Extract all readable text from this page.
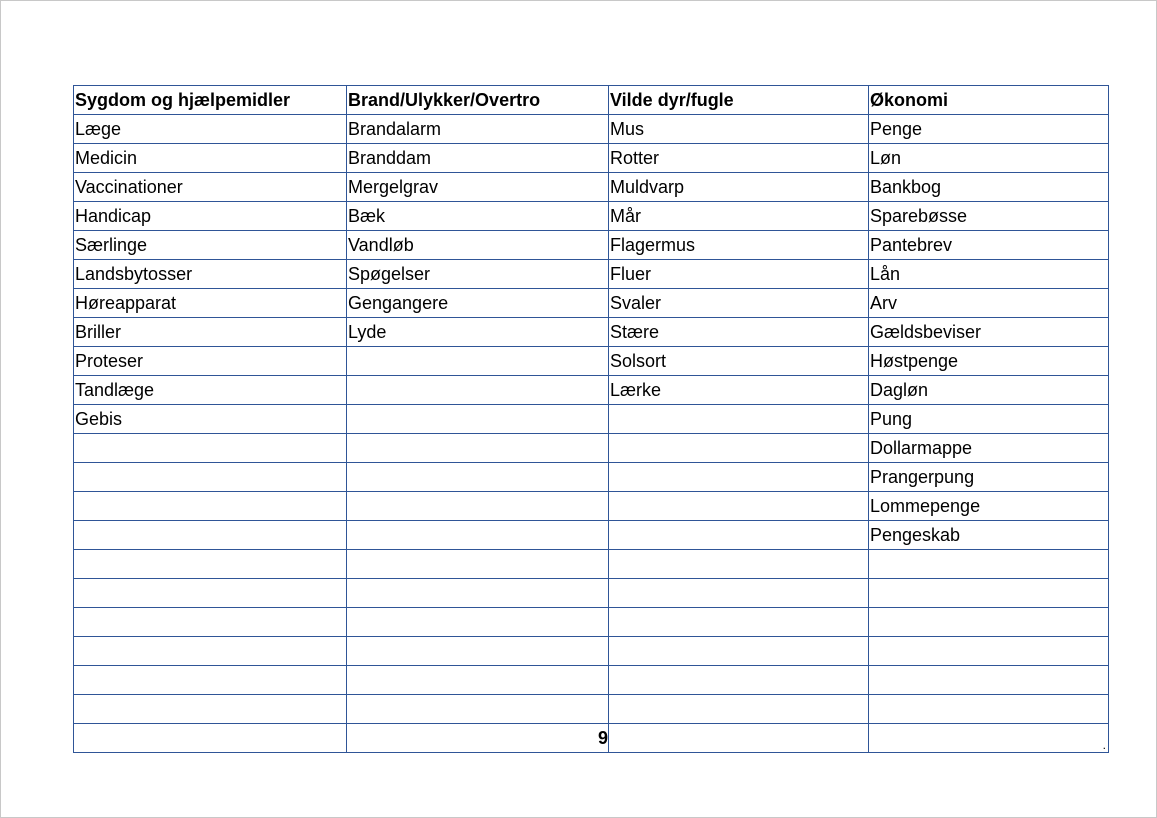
Sygdom og hjælpemidler	Brand/Ulykker/Overtro	Vilde dyr/fugle	Økonomi
Læge	Brandalarm	Mus	Penge
Medicin	Branddam	Rotter	Løn
Vaccinationer	Mergelgrav	Muldvarp	Bankbog
Handicap	Bæk	Mår	Sparebøsse
Særlinge	Vandløb	Flagermus	Pantebrev
Landsbytosser	Spøgelser	Fluer	Lån
Høreapparat	Gengangere	Svaler	Arv
Briller	Lyde	Stære	Gældsbeviser
Proteser		Solsort	Høstpenge
Tandlæge		Lærke	Dagløn
Gebis			Pung
			Dollarmappe
			Prangerpung
			Lommepenge
			Pengeskab

	9		.
